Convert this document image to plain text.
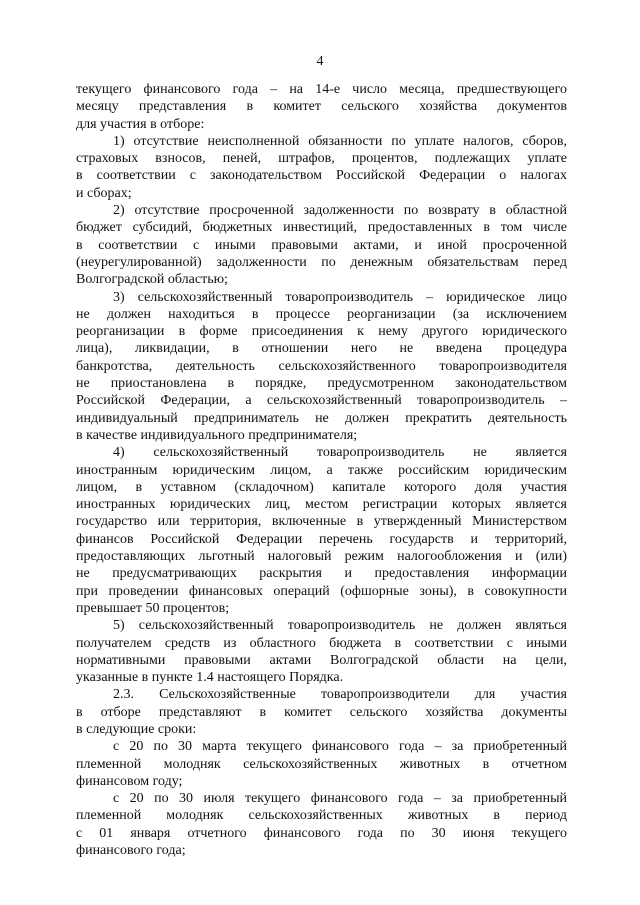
4
текущего финансового года – на 14-е число месяца, предшествующего
месяцу представления в комитет сельского хозяйства документов
для участия в отборе:
1) отсутствие неисполненной обязанности по уплате налогов, сборов,
страховых взносов, пеней, штрафов, процентов, подлежащих уплате
в соответствии с законодательством Российской Федерации о налогах
и сборах;
2) отсутствие просроченной задолженности по возврату в областной
бюджет субсидий, бюджетных инвестиций, предоставленных в том числе
в соответствии с иными правовыми актами, и иной просроченной
(неурегулированной) задолженности по денежным обязательствам перед
Волгоградской областью;
3) сельскохозяйственный товаропроизводитель – юридическое лицо
не должен находиться в процессе реорганизации (за исключением
реорганизации в форме присоединения к нему другого юридического
лица), ликвидации, в отношении него не введена процедура
банкротства, деятельность сельскохозяйственного товаропроизводителя
не приостановлена в порядке, предусмотренном законодательством
Российской Федерации, а сельскохозяйственный товаропроизводитель –
индивидуальный предприниматель не должен прекратить деятельность
в качестве индивидуального предпринимателя;
4) сельскохозяйственный товаропроизводитель не является
иностранным юридическим лицом, а также российским юридическим
лицом, в уставном (складочном) капитале которого доля участия
иностранных юридических лиц, местом регистрации которых является
государство или территория, включенные в утвержденный Министерством
финансов Российской Федерации перечень государств и территорий,
предоставляющих льготный налоговый режим налогообложения и (или)
не предусматривающих раскрытия и предоставления информации
при проведении финансовых операций (офшорные зоны), в совокупности
превышает 50 процентов;
5) сельскохозяйственный товаропроизводитель не должен являться
получателем средств из областного бюджета в соответствии с иными
нормативными правовыми актами Волгоградской области на цели,
указанные в пункте 1.4 настоящего Порядка.
2.3. Сельскохозяйственные товаропроизводители для участия
в отборе представляют в комитет сельского хозяйства документы
в следующие сроки:
с 20 по 30 марта текущего финансового года – за приобретенный
племенной молодняк сельскохозяйственных животных в отчетном
финансовом году;
с 20 по 30 июля текущего финансового года – за приобретенный
племенной молодняк сельскохозяйственных животных в период
с 01 января отчетного финансового года по 30 июня текущего
финансового года;
